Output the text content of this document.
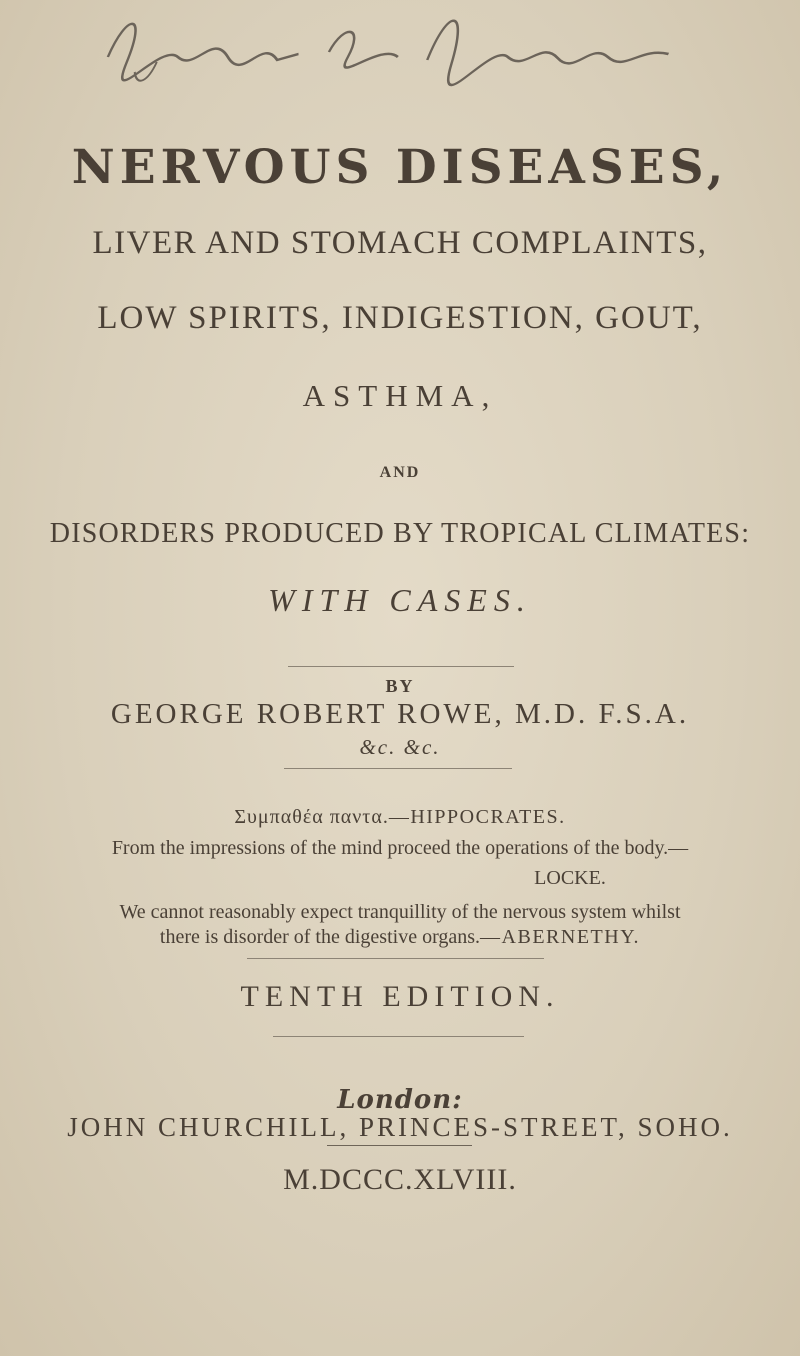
NERVOUS DISEASES,
LIVER AND STOMACH COMPLAINTS,
LOW SPIRITS, INDIGESTION, GOUT,
ASTHMA,
AND
DISORDERS PRODUCED BY TROPICAL CLIMATES:
WITH CASES.
BY
GEORGE ROBERT ROWE, M.D. F.S.A.
&c. &c.
Συμπαθέα παντα.—HIPPOCRATES.
From the impressions of the mind proceed the operations of the body.—
LOCKE.
We cannot reasonably expect tranquillity of the nervous system whilst
there is disorder of the digestive organs.—ABERNETHY.
TENTH EDITION.
London:
JOHN CHURCHILL, PRINCES-STREET, SOHO.
M.DCCC.XLVIII.
